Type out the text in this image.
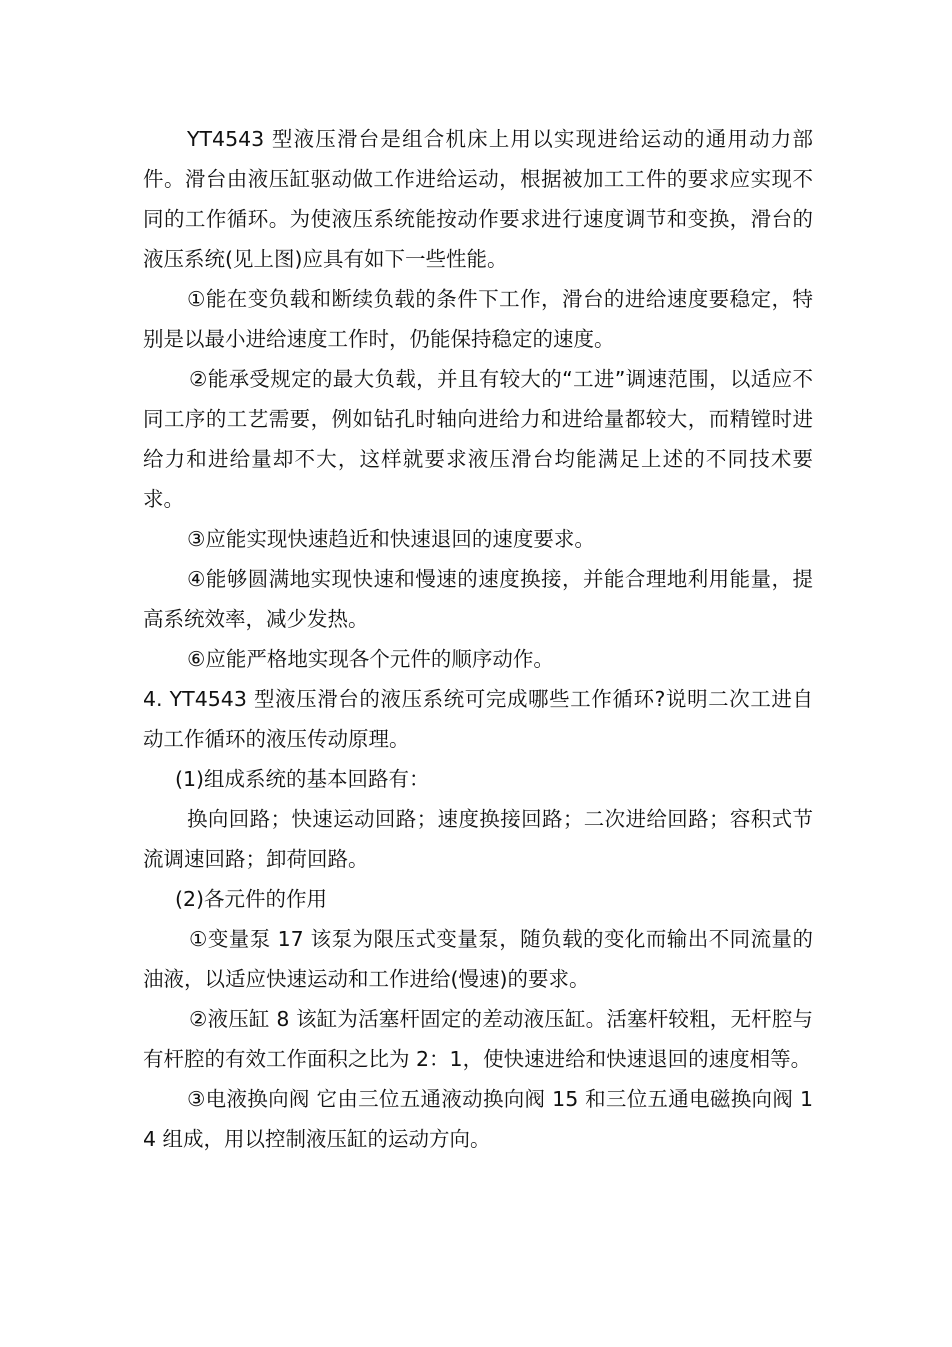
YT4543 型液压滑台是组合机床上用以实现进给运动的通用动力部件。滑台由液压缸驱动做工作进给运动，根据被加工工件的要求应实现不同的工作循环。为使液压系统能按动作要求进行速度调节和变换，滑台的液压系统(见上图)应具有如下一些性能。

①能在变负载和断续负载的条件下工作，滑台的进给速度要稳定，特别是以最小进给速度工作时，仍能保持稳定的速度。

②能承受规定的最大负载，并且有较大的“工进”调速范围，以适应不同工序的工艺需要，例如钻孔时轴向进给力和进给量都较大，而精镗时进给力和进给量却不大，这样就要求液压滑台均能满足上述的不同技术要求。

③应能实现快速趋近和快速退回的速度要求。

④能够圆满地实现快速和慢速的速度换接，并能合理地利用能量，提高系统效率，减少发热。

⑥应能严格地实现各个元件的顺序动作。

4. YT4543 型液压滑台的液压系统可完成哪些工作循环?说明二次工进自动工作循环的液压传动原理。

(1)组成系统的基本回路有：

换向回路；快速运动回路；速度换接回路；二次进给回路；容积式节流调速回路；卸荷回路。

(2)各元件的作用

①变量泵 17 该泵为限压式变量泵，随负载的变化而输出不同流量的油液，以适应快速运动和工作进给(慢速)的要求。

②液压缸 8 该缸为活塞杆固定的差动液压缸。活塞杆较粗，无杆腔与有杆腔的有效工作面积之比为 2：1，使快速进给和快速退回的速度相等。

③电液换向阀 它由三位五通液动换向阀 15 和三位五通电磁换向阀 14 组成，用以控制液压缸的运动方向。
